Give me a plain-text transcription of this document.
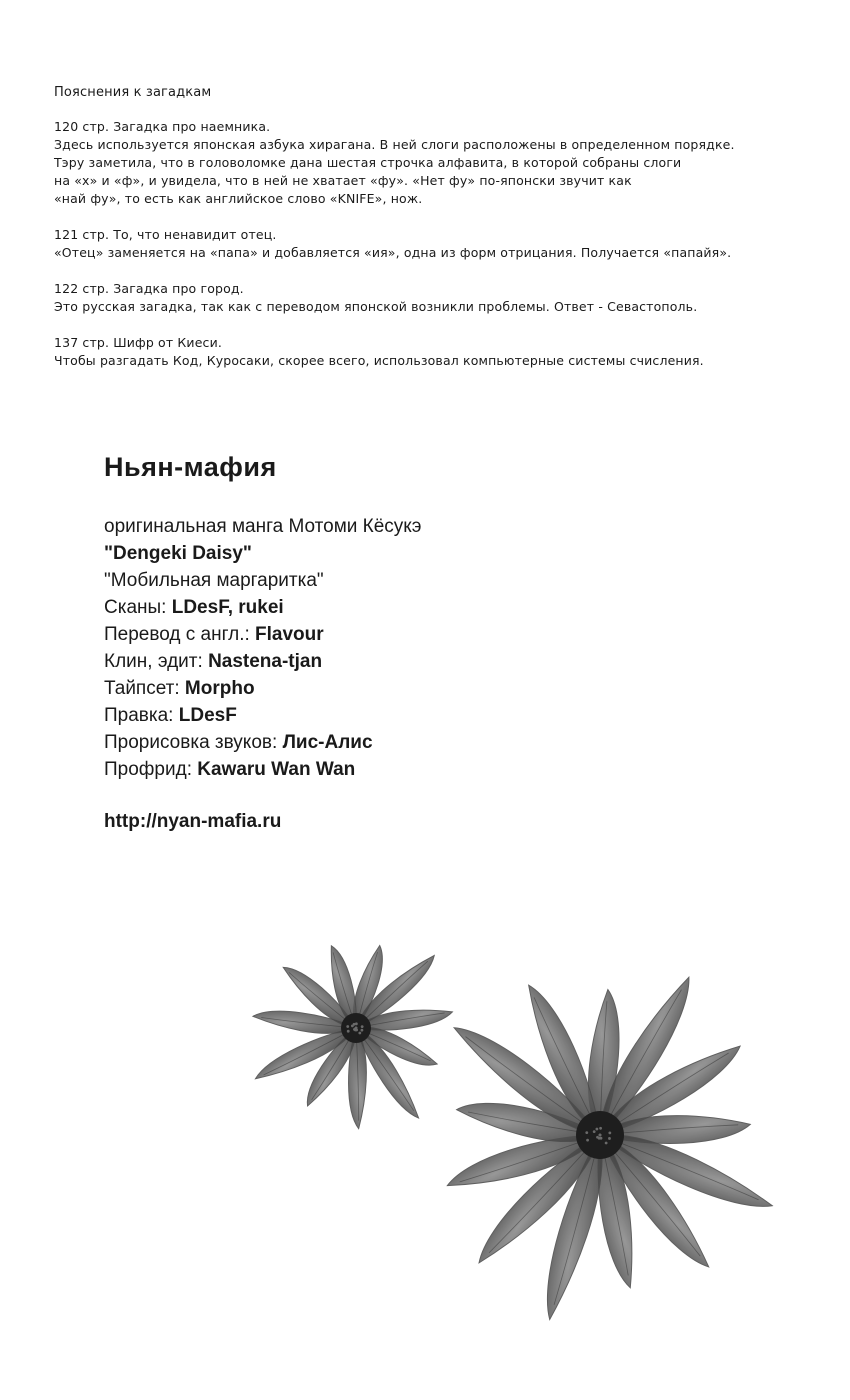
Пояснения к загадкам

120 стр. Загадка про наемника.

Здесь используется японская азбука хирагана. В ней слоги расположены в определенном порядке.

Тэру заметила, что в головоломке дана шестая строчка алфавита, в которой собраны слоги

на «х» и «ф», и увидела, что в ней не хватает «фу». «Нет фу» по-японски звучит как

«най фу», то есть как английское слово «KNIFE», нож.

121 стр. То, что ненавидит отец.

«Отец» заменяется на «папа» и добавляется «ия», одна из форм отрицания. Получается «папайя».

122 стр. Загадка про город.

Это русская загадка, так как с переводом японской возникли проблемы. Ответ - Севастополь.

137 стр. Шифр от Киеси.

Чтобы разгадать Код, Куросаки, скорее всего, использовал компьютерные системы счисления.

Ньян-мафия
оригинальная манга Мотоми Кёсукэ
"Dengeki Daisy"
"Мобильная маргаритка"
Сканы: LDesF, rukei
Перевод с англ.: Flavour
Клин, эдит: Nastena-tjan
Тайпсет: Morpho
Правка: LDesF
Прорисовка звуков: Лис-Алис
Профрид: Kawaru Wan Wan
http://nyan-mafia.ru
